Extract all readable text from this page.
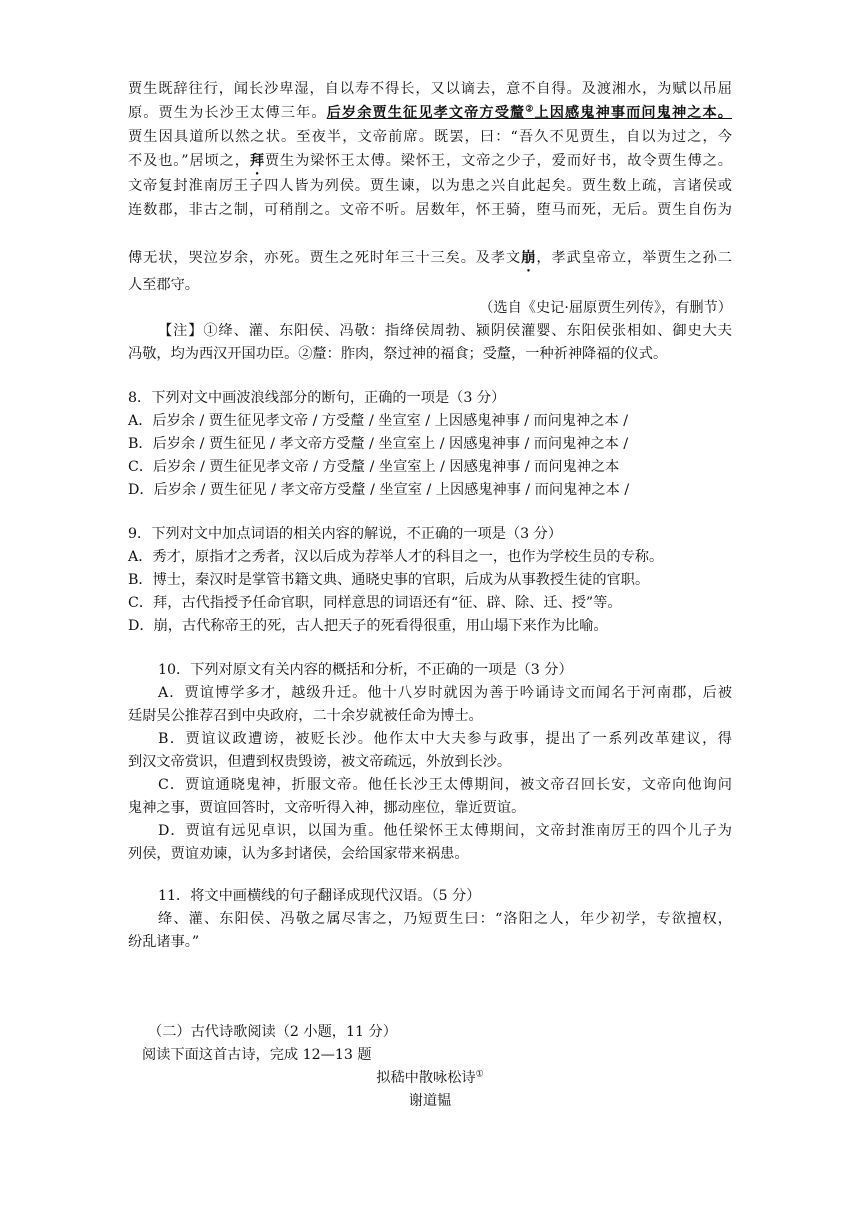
贾生既辞往行，闻长沙卑湿，自以寿不得长，又以谪去，意不自得。及渡湘水，为赋以吊屈
原。贾生为长沙王太傅三年。后岁余贾生征见孝文帝方受釐②上因感鬼神事而问鬼神之本。
贾生因具道所以然之状。至夜半，文帝前席。既罢，曰：“吾久不见贾生，自以为过之，今
不及也。”居顷之，拜贾生为梁怀王太傅。梁怀王，文帝之少子，爱而好书，故令贾生傅之。
文帝复封淮南厉王子四人皆为列侯。贾生谏，以为患之兴自此起矣。贾生数上疏，言诸侯或
连数郡，非古之制，可稍削之。文帝不听。居数年，怀王骑，堕马而死，无后。贾生自伤为
傅无状，哭泣岁余，亦死。贾生之死时年三十三矣。及孝文崩，孝武皇帝立，举贾生之孙二
人至郡守。
（选自《史记·屈原贾生列传》，有删节）
【注】①绛、灌、东阳侯、冯敬：指绛侯周勃、颍阴侯灌婴、东阳侯张相如、御史大夫
冯敬，均为西汉开国功臣。②釐：胙肉，祭过神的福食；受釐，一种祈神降福的仪式。
8．下列对文中画波浪线部分的断句，正确的一项是（3 分）
A．后岁余 / 贾生征见孝文帝 / 方受釐 / 坐宣室 / 上因感鬼神事 / 而问鬼神之本 /
B．后岁余 / 贾生征见 / 孝文帝方受釐 / 坐宣室上 / 因感鬼神事 / 而问鬼神之本 /
C．后岁余 / 贾生征见孝文帝 / 方受釐 / 坐宣室上 / 因感鬼神事 / 而问鬼神之本
D．后岁余 / 贾生征见 / 孝文帝方受釐 / 坐宣室 / 上因感鬼神事 / 而问鬼神之本 /
9．下列对文中加点词语的相关内容的解说，不正确的一项是（3 分）
A．秀才，原指才之秀者，汉以后成为荐举人才的科目之一，也作为学校生员的专称。
B．博士，秦汉时是掌管书籍文典、通晓史事的官职，后成为从事教授生徒的官职。
C．拜，古代指授予任命官职，同样意思的词语还有“征、辟、除、迁、授”等。
D．崩，古代称帝王的死，古人把天子的死看得很重，用山塌下来作为比喻。
10．下列对原文有关内容的概括和分析，不正确的一项是（3 分）
A．贾谊博学多才，越级升迁。他十八岁时就因为善于吟诵诗文而闻名于河南郡，后被
廷尉吴公推荐召到中央政府，二十余岁就被任命为博士。
B．贾谊议政遭谤，被贬长沙。他作太中大夫参与政事，提出了一系列改革建议，得
到汉文帝赏识，但遭到权贵毁谤，被文帝疏远，外放到长沙。
C．贾谊通晓鬼神，折服文帝。他任长沙王太傅期间，被文帝召回长安，文帝向他询问
鬼神之事，贾谊回答时，文帝听得入神，挪动座位，靠近贾谊。
D．贾谊有远见卓识，以国为重。他任梁怀王太傅期间，文帝封淮南厉王的四个儿子为
列侯，贾谊劝谏，认为多封诸侯，会给国家带来祸患。
11．将文中画横线的句子翻译成现代汉语。（5 分）
绛、灌、东阳侯、冯敬之属尽害之，乃短贾生曰：“洛阳之人，年少初学，专欲擅权，
纷乱诸事。”
（二）古代诗歌阅读（2 小题，11 分）
阅读下面这首古诗，完成 12—13 题
拟嵇中散咏松诗①
谢道韫
